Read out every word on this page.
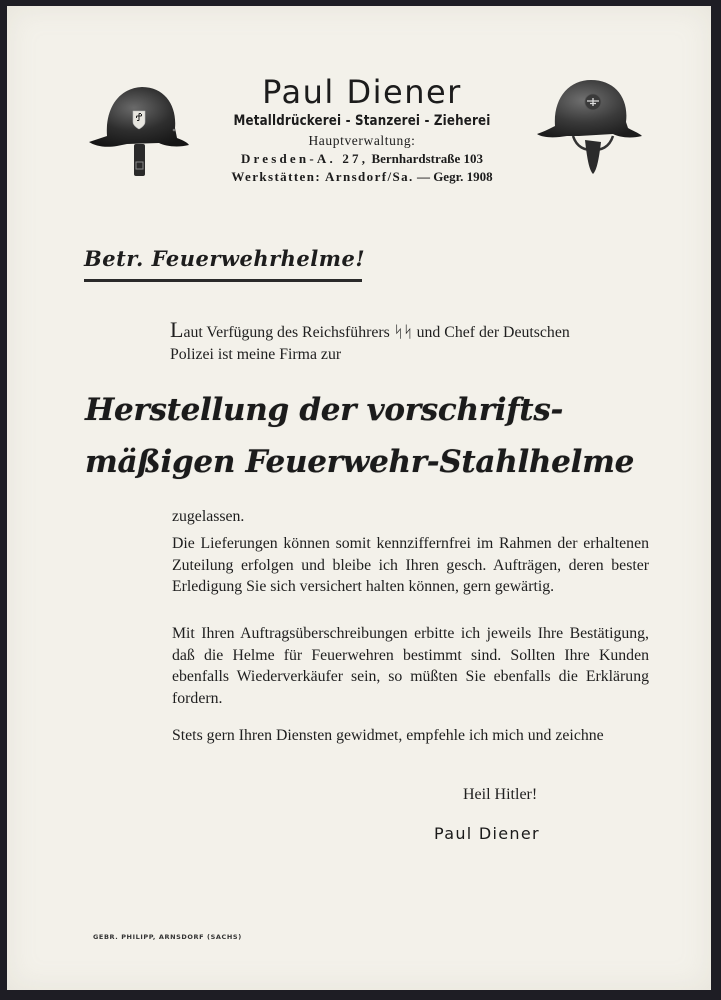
Paul Diener
Metalldrückerei - Stanzerei - Zieherei
Hauptverwaltung:
Dresden-A. 27, Bernhardstraße 103
Werkstätten: Arnsdorf/Sa. — Gegr. 1908
Betr. Feuerwehrhelme!
Laut Verfügung des Reichsführers ᛋᛋ und Chef der Deutschen
Polizei ist meine Firma zur
Herstellung der vorschrifts-
mäßigen Feuerwehr-Stahlhelme
zugelassen.
Die Lieferungen können somit kennziffernfrei im Rahmen der erhaltenen Zuteilung erfolgen und bleibe ich Ihren gesch. Aufträgen, deren bester Erledigung Sie sich versichert halten können, gern gewärtig.
Mit Ihren Auftragsüberschreibungen erbitte ich jeweils Ihre Bestätigung, daß die Helme für Feuerwehren bestimmt sind. Sollten Ihre Kunden ebenfalls Wiederverkäufer sein, so müßten Sie ebenfalls die Erklärung fordern.
Stets gern Ihren Diensten gewidmet, empfehle ich mich und zeichne
Heil Hitler!
Paul Diener
GEBR. PHILIPP, ARNSDORF (SACHS)
